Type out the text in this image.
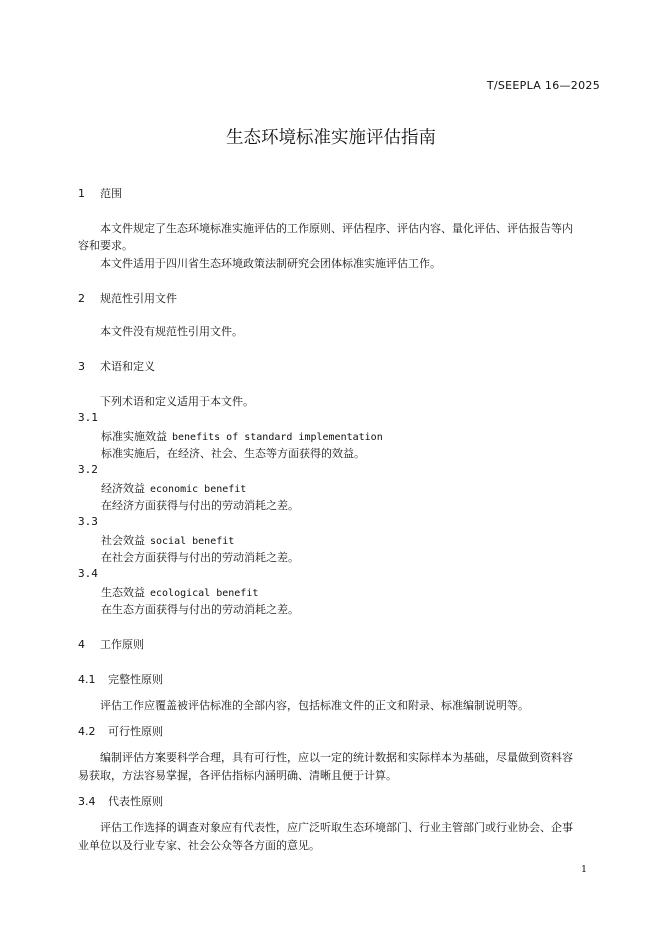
T/SEEPLA 16—2025
生态环境标准实施评估指南
1 范围
本文件规定了生态环境标准实施评估的工作原则、评估程序、评估内容、量化评估、评估报告等内
容和要求。
本文件适用于四川省生态环境政策法制研究会团体标准实施评估工作。
2 规范性引用文件
本文件没有规范性引用文件。
3 术语和定义
下列术语和定义适用于本文件。
3.1
标准实施效益 benefits of standard implementation
标准实施后，在经济、社会、生态等方面获得的效益。
3.2
经济效益 economic benefit
在经济方面获得与付出的劳动消耗之差。
3.3
社会效益 social benefit
在社会方面获得与付出的劳动消耗之差。
3.4
生态效益 ecological benefit
在生态方面获得与付出的劳动消耗之差。
4 工作原则
4.1 完整性原则
评估工作应覆盖被评估标准的全部内容，包括标准文件的正文和附录、标准编制说明等。
4.2 可行性原则
编制评估方案要科学合理，具有可行性，应以一定的统计数据和实际样本为基础，尽量做到资料容
易获取，方法容易掌握，各评估指标内涵明确、清晰且便于计算。
3.4 代表性原则
评估工作选择的调查对象应有代表性，应广泛听取生态环境部门、行业主管部门或行业协会、企事
业单位以及行业专家、社会公众等各方面的意见。
1
